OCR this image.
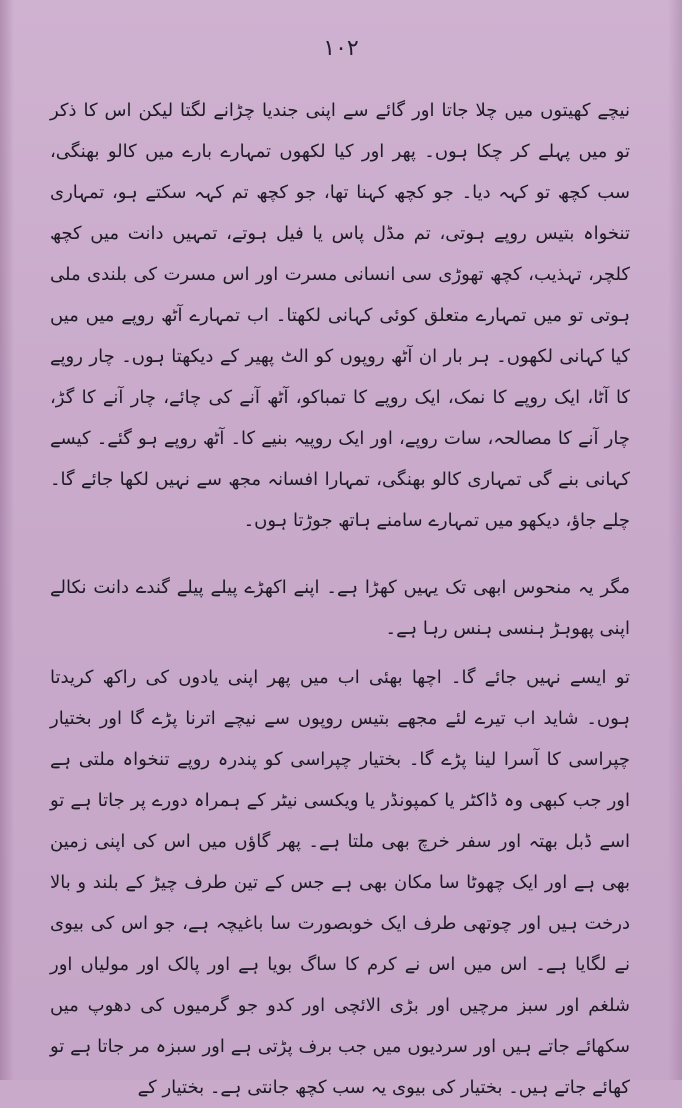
۱۰۲

نیچے کھیتوں میں چلا جاتا اور گائے سے اپنی جندیا چڑانے لگتا لیکن اس کا ذکر تو میں پہلے کر چکا ہوں۔ پھر اور کیا لکھوں تمہارے بارے میں کالو بھنگی، سب کچھ تو کہہ دیا۔ جو کچھ کہنا تھا، جو کچھ تم کہہ سکتے ہو، تمہاری تنخواہ بتیس روپے ہوتی، تم مڈل پاس یا فیل ہوتے، تمہیں دانت میں کچھ کلچر، تہذیب، کچھ تھوڑی سی انسانی مسرت اور اس مسرت کی بلندی ملی ہوتی تو میں تمہارے متعلق کوئی کہانی لکھتا۔ اب تمہارے آٹھ روپے میں میں کیا کہانی لکھوں۔ ہر بار ان آٹھ روپوں کو الٹ پھیر کے دیکھتا ہوں۔ چار روپے کا آٹا، ایک روپے کا نمک، ایک روپے کا تمباکو، آٹھ آنے کی چائے، چار آنے کا گڑ، چار آنے کا مصالحہ، سات روپے، اور ایک روپیہ بنیے کا۔ آٹھ روپے ہو گئے۔ کیسے کہانی بنے گی تمہاری کالو بھنگی، تمہارا افسانہ مجھ سے نہیں لکھا جائے گا۔ چلے جاؤ، دیکھو میں تمہارے سامنے ہاتھ جوڑتا ہوں۔

مگر یہ منحوس ابھی تک یہیں کھڑا ہے۔ اپنے اکھڑے پیلے پیلے گندے دانت نکالے اپنی پھوہڑ ہنسی ہنس رہا ہے۔

تو ایسے نہیں جائے گا۔ اچھا بھئی اب میں پھر اپنی یادوں کی راکھ کریدتا ہوں۔ شاید اب تیرے لئے مجھے بتیس روپوں سے نیچے اترنا پڑے گا اور بختیار چپراسی کا آسرا لینا پڑے گا۔ بختیار چپراسی کو پندرہ روپے تنخواہ ملتی ہے اور جب کبھی وہ ڈاکٹر یا کمپونڈر یا ویکسی نیٹر کے ہمراہ دورے پر جاتا ہے تو اسے ڈبل بھتہ اور سفر خرچ بھی ملتا ہے۔ پھر گاؤں میں اس کی اپنی زمین بھی ہے اور ایک چھوٹا سا مکان بھی ہے جس کے تین طرف چیڑ کے بلند و بالا درخت ہیں اور چوتھی طرف ایک خوبصورت سا باغیچہ ہے، جو اس کی بیوی نے لگایا ہے۔ اس میں اس نے کرم کا ساگ بویا ہے اور پالک اور مولیاں اور شلغم اور سبز مرچیں اور بڑی الائچی اور کدو جو گرمیوں کی دھوپ میں سکھائے جاتے ہیں اور سردیوں میں جب برف پڑتی ہے اور سبزہ مر جاتا ہے تو کھائے جاتے ہیں۔ بختیار کی بیوی یہ سب کچھ جانتی ہے۔ بختیار کے
